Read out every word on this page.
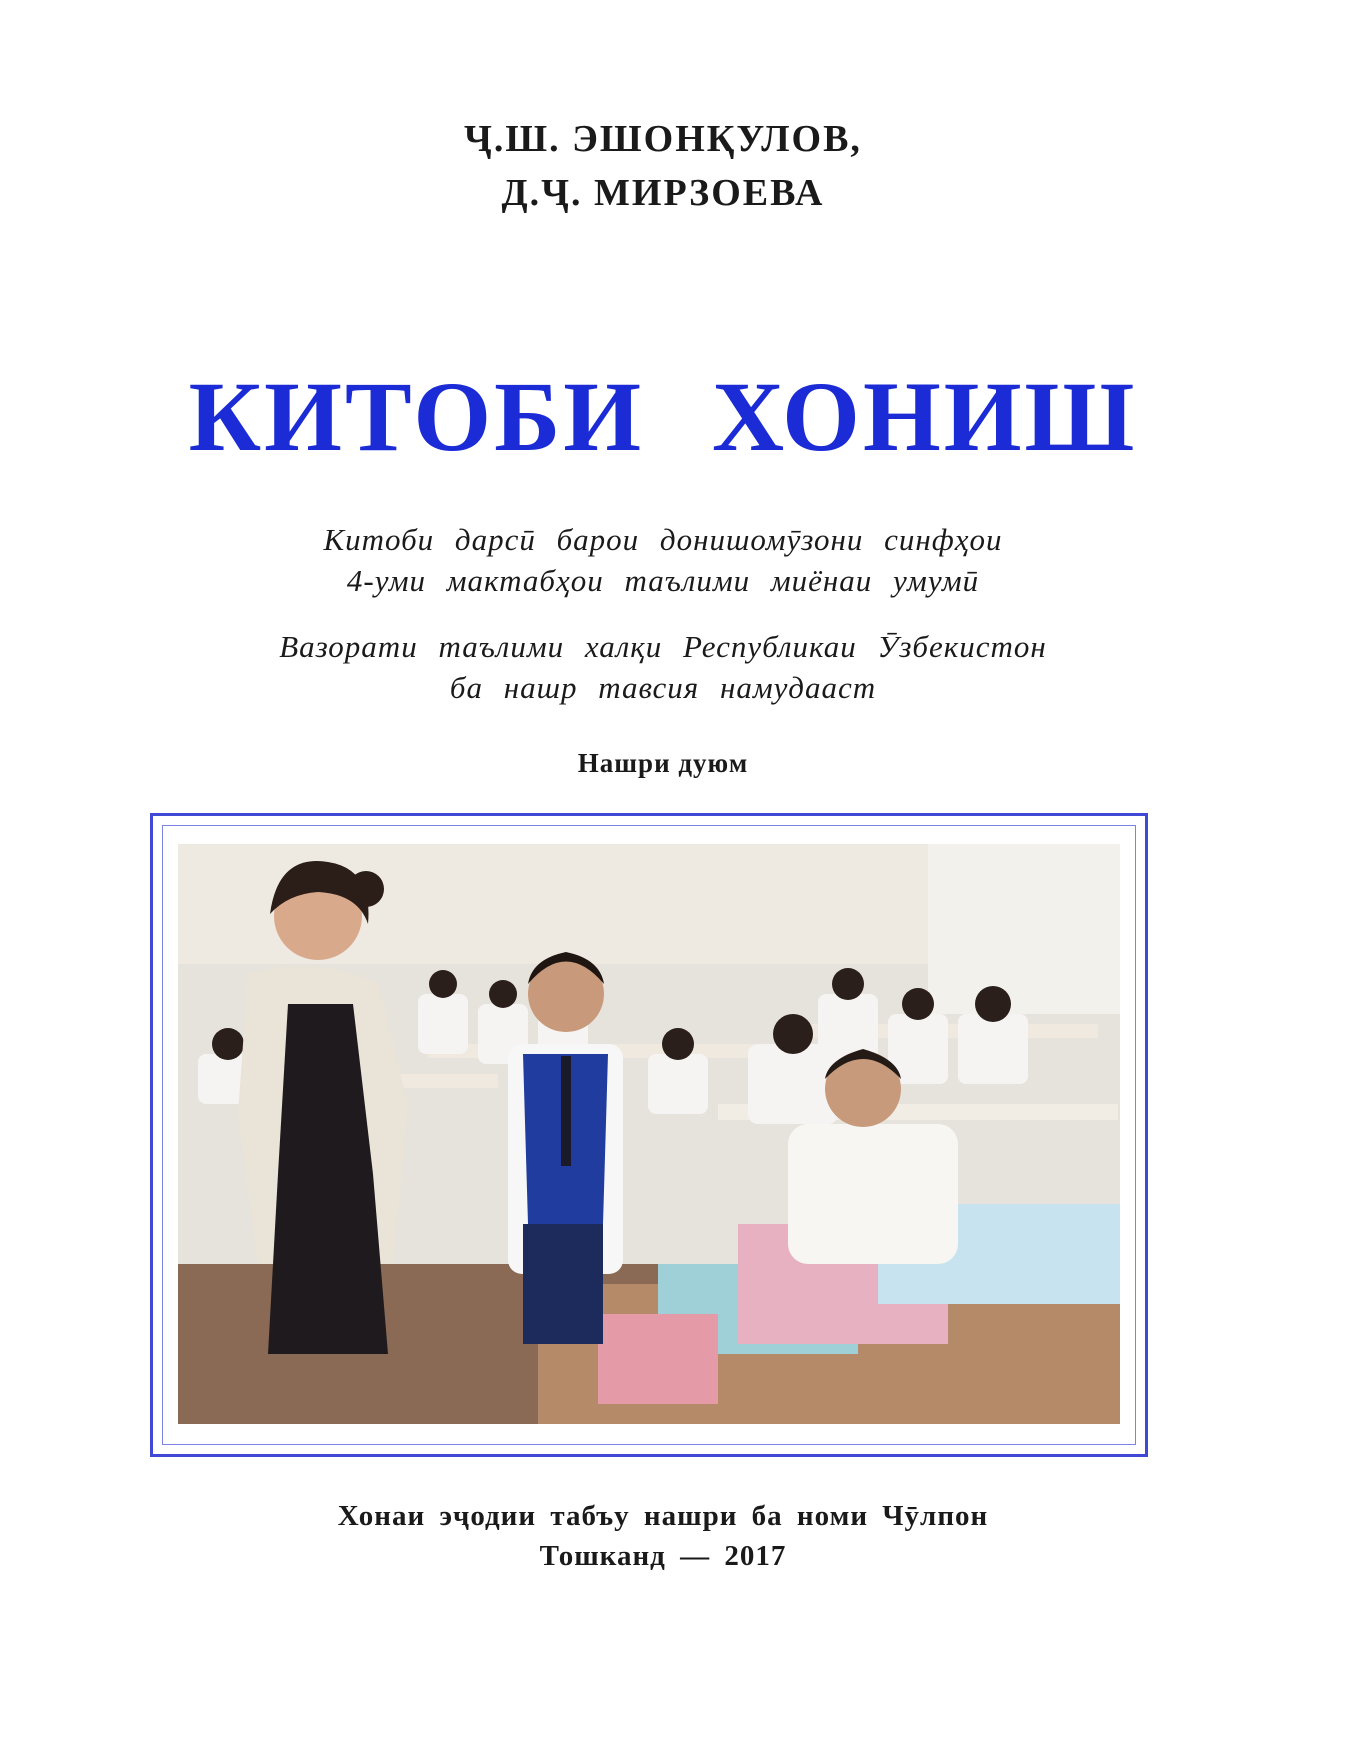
Ҷ.Ш. ЭШОНҚУЛОВ,
Д.Ҷ. МИРЗОЕВА
КИТОБИ ХОНИШ
Китоби дарсӣ барои донишомӯзони синфҳои
4-уми мактабҳои таълими миёнаи умумӣ
Вазорати таълими халқи Республикаи Ӯзбекистон
ба нашр тавсия намудааст
Нашри дуюм
Хонаи эҷодии табъу нашри ба номи Чӯлпон
Тошканд — 2017
